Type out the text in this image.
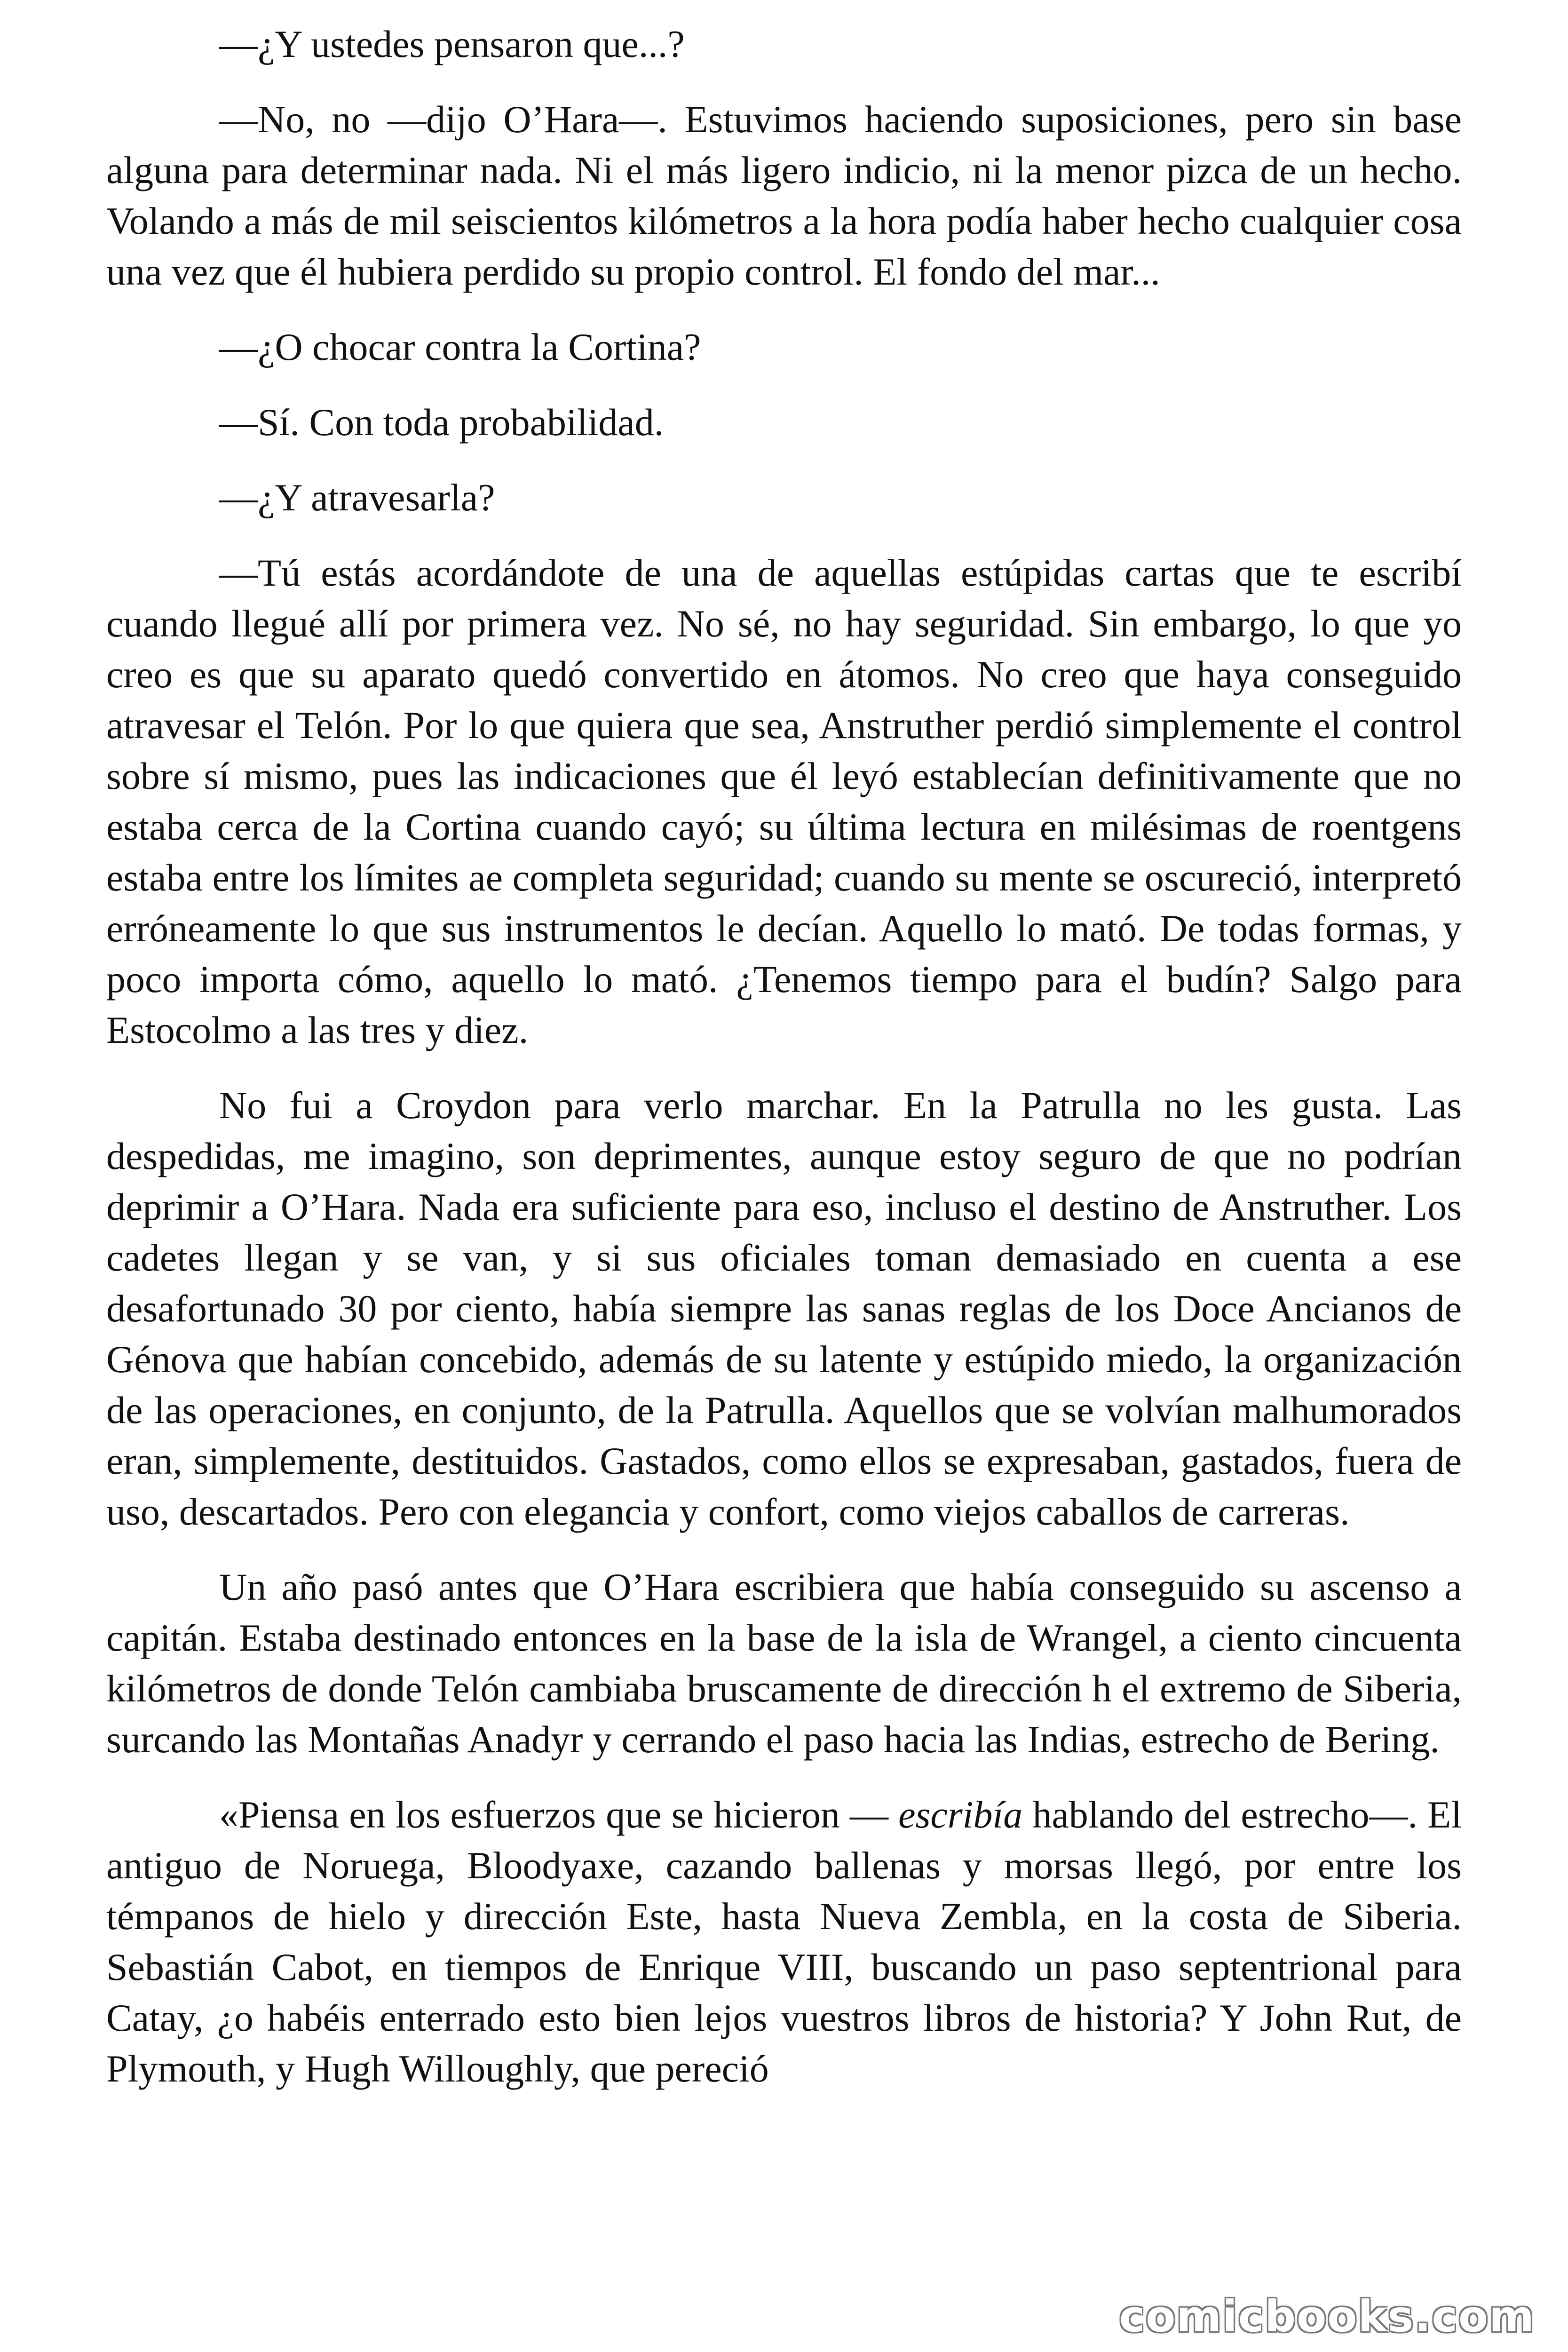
—¿Y ustedes pensaron que...?

—No, no —dijo O’Hara—. Estuvimos haciendo suposiciones, pero sin base alguna para determinar nada. Ni el más ligero indicio, ni la menor pizca de un hecho. Volando a más de mil seiscientos kilómetros a la hora podía haber hecho cualquier cosa una vez que él hubiera perdido su propio control. El fondo del mar...

—¿O chocar contra la Cortina?

—Sí. Con toda probabilidad.

—¿Y atravesarla?

—Tú estás acordándote de una de aquellas estúpidas cartas que te escribí cuando llegué allí por primera vez. No sé, no hay seguridad. Sin embargo, lo que yo creo es que su aparato quedó convertido en átomos. No creo que haya conseguido atravesar el Telón. Por lo que quiera que sea, Anstruther perdió simplemente el control sobre sí mismo, pues las indicaciones que él leyó establecían definitivamente que no estaba cerca de la Cortina cuando cayó; su última lectura en milésimas de roentgens estaba entre los límites ae completa seguridad; cuando su mente se oscureció, interpretó erróneamente lo que sus instrumentos le decían. Aquello lo mató. De todas formas, y poco importa cómo, aquello lo mató. ¿Tenemos tiempo para el budín? Salgo para Estocolmo a las tres y diez.

No fui a Croydon para verlo marchar. En la Patrulla no les gusta. Las despedidas, me imagino, son deprimentes, aunque estoy seguro de que no podrían deprimir a O’Hara. Nada era suficiente para eso, incluso el destino de Anstruther. Los cadetes llegan y se van, y si sus oficiales toman demasiado en cuenta a ese desafortunado 30 por ciento, había siempre las sanas reglas de los Doce Ancianos de Génova que habían concebido, además de su latente y estúpido miedo, la organización de las operaciones, en conjunto, de la Patrulla. Aquellos que se volvían malhumorados eran, simplemente, destituidos. Gastados, como ellos se expresaban, gastados, fuera de uso, descartados. Pero con elegancia y confort, como viejos caballos de carreras.

Un año pasó antes que O’Hara escribiera que había conseguido su ascenso a capitán. Estaba destinado entonces en la base de la isla de Wrangel, a ciento cincuenta kilómetros de donde Telón cambiaba bruscamente de dirección h el extremo de Siberia, surcando las Montañas Anadyr y cerrando el paso hacia las Indias, estrecho de Bering.

«Piensa en los esfuerzos que se hicieron — escribía hablando del estrecho—. El antiguo de Noruega, Bloodyaxe, cazando ballenas y morsas llegó, por entre los témpanos de hielo y dirección Este, hasta Nueva Zembla, en la costa de Siberia. Sebastián Cabot, en tiempos de Enrique VIII, buscando un paso septentrional para Catay, ¿o habéis enterrado esto bien lejos vuestros libros de historia? Y John Rut, de Plymouth, y Hugh Willoughly, que pereció

comicbooks.com
